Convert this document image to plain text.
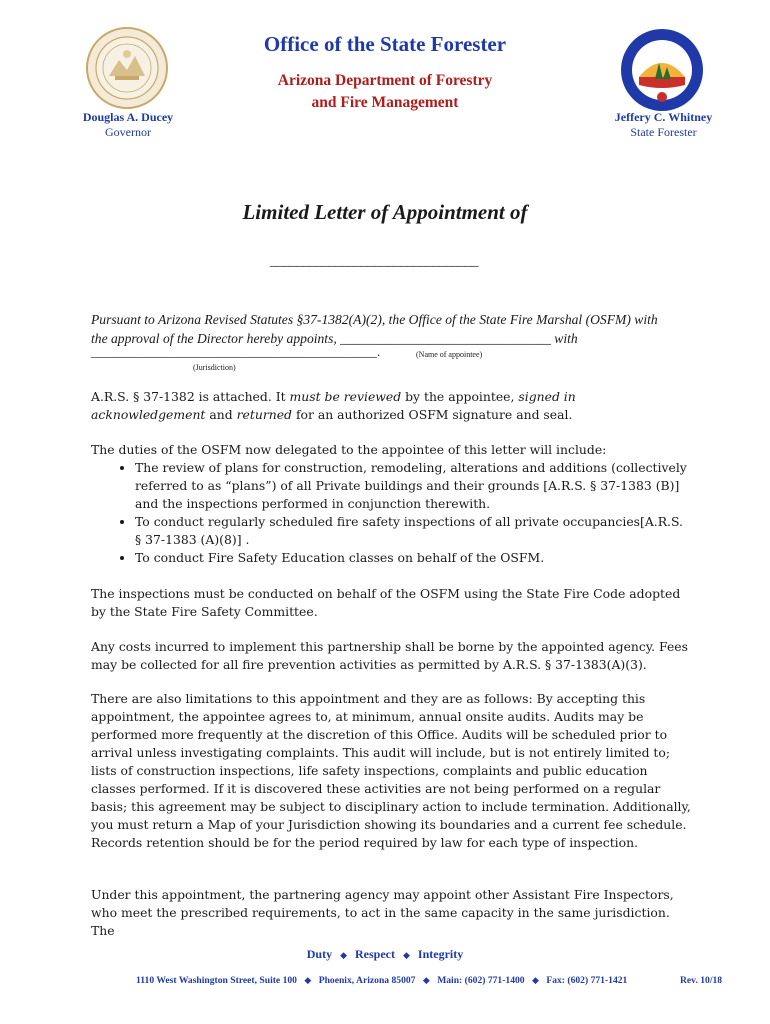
Office of the State Forester
Arizona Department of Forestry
and Fire Management
Douglas A. Ducey
Governor
Jeffery C. Whitney
State Forester
Limited Letter of Appointment of
________________________________
Pursuant to Arizona Revised Statutes §37-1382(A)(2), the Office of the State Fire Marshal (OSFM) with
the approval of the Director hereby appoints, _______________________________ with
____________________________________________.	(Name of appointee)
(Jurisdiction)
A.R.S. § 37-1382 is attached. It must be reviewed by the appointee, signed in acknowledgement and returned for an authorized OSFM signature and seal.
The duties of the OSFM now delegated to the appointee of this letter will include:
• The review of plans for construction, remodeling, alterations and additions (collectively referred to as “plans”) of all Private buildings and their grounds [A.R.S. § 37-1383 (B)] and the inspections performed in conjunction therewith.
• To conduct regularly scheduled fire safety inspections of all private occupancies[A.R.S. § 37-1383 (A)(8)] .
• To conduct Fire Safety Education classes on behalf of the OSFM.
The inspections must be conducted on behalf of the OSFM using the State Fire Code adopted by the State Fire Safety Committee.
Any costs incurred to implement this partnership shall be borne by the appointed agency. Fees may be collected for all fire prevention activities as permitted by A.R.S. § 37-1383(A)(3).
There are also limitations to this appointment and they are as follows: By accepting this appointment, the appointee agrees to, at minimum, annual onsite audits. Audits may be performed more frequently at the discretion of this Office. Audits will be scheduled prior to arrival unless investigating complaints. This audit will include, but is not entirely limited to; lists of construction inspections, life safety inspections, complaints and public education classes performed. If it is discovered these activities are not being performed on a regular basis; this agreement may be subject to disciplinary action to include termination. Additionally, you must return a Map of your Jurisdiction showing its boundaries and a current fee schedule. Records retention should be for the period required by law for each type of inspection.
Under this appointment, the partnering agency may appoint other Assistant Fire Inspectors, who meet the prescribed requirements, to act in the same capacity in the same jurisdiction. The
Duty ◆ Respect ◆ Integrity
1110 West Washington Street, Suite 100 ◆ Phoenix, Arizona 85007 ◆ Main: (602) 771-1400 ◆ Fax: (602) 771-1421	Rev. 10/18
